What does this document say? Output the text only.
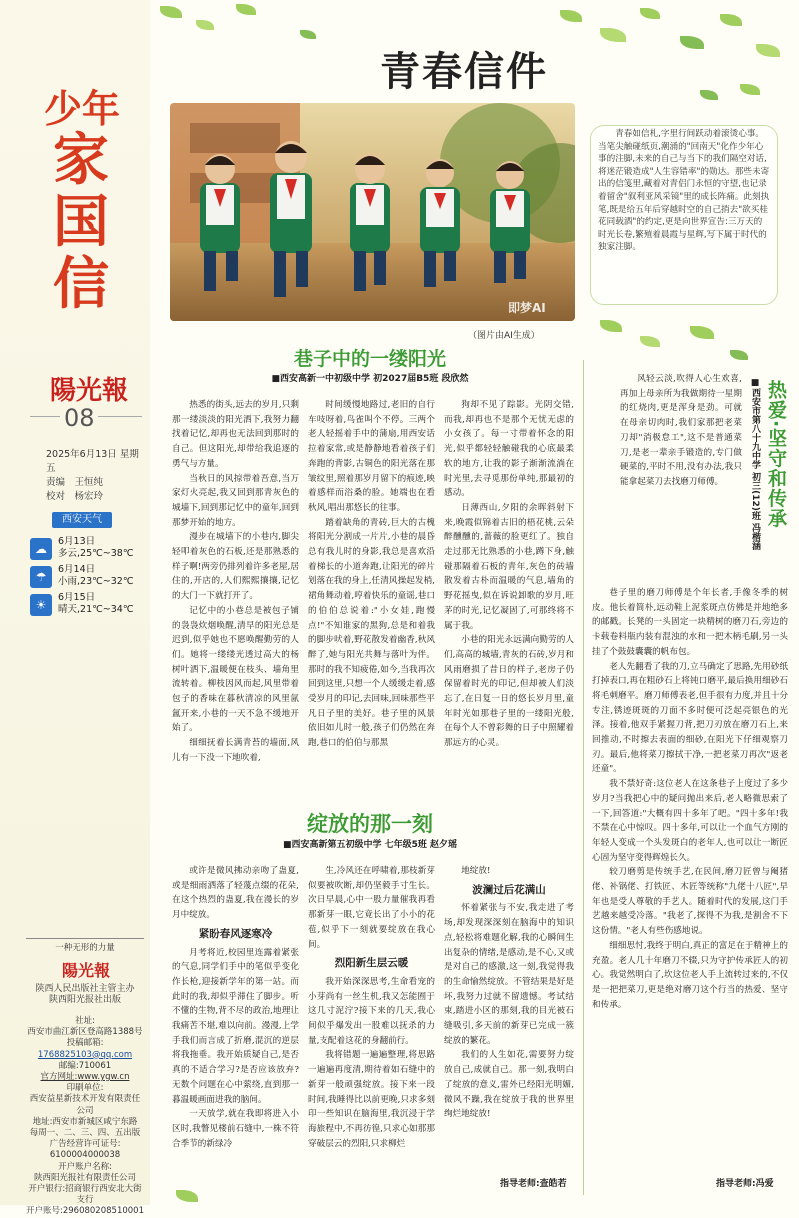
少年
家
国
信
陽光報
08
2025年6月13日 星期五
责编　王恒纯
校对　杨宏玲
西安天气
☁
6月13日
多云,25℃~38℃
☂
6月14日
小雨,23℃~32℃
☀
6月15日
晴天,21℃~34℃
一种无形的力量
陽光報
陕西人民出版社主管主办
陕西阳光报社出版
社址:
西安市曲江新区登高路1388号
投稿邮箱:
1768825103@qq.com
邮编:710061
官方网址:www.ygw.cn
印刷单位:
西安益星新技术开发有限责任公司
地址:西安市新城区咸宁东路
每周一、二、三、四、五出版
广告经营许可证号:
6100004000038
开户账户名称:
陕西阳光报社有限责任公司
开户银行:招商银行西安北大街支行
开户账号:296080208510001
青春信件
即梦AI
（图片由AI生成）
青春如信札,字里行间跃动着滚烫心事。当笔尖触碰纸页,潮涌的"回南天"化作少年心事的注脚,未来的自己与当下的我们隔空对话,将迷茫锻造成"人生容错率"的勋达。那些未寄出的信笺里,藏着对青侣门永恒的守望,也记录着留舍"叙利亚风采镜"里的成长阵痛。此刻执笔,既是给五年后穿越时空的自己捎去"欲买桂花同载酒"的约定,更是向世界宣告:三万天的时光长卷,繁殖着晨霞与星辉,写下属于时代的独家注脚。
巷子中的一缕阳光
■西安高新一中初级中学 初2027届B5班 段欣然

热悉的街头,远去的岁月,只剩那一缕淡淡的阳光洒下,我努力翻找着记忆,却再也无法回到那时的自己。但这阳光,却带给我追逐的勇气与方量。

当秋日的风掠带着吾意,当万家灯火亮起,我又回到那青灰色的城墙下,回到那记忆中的童年,回到那梦开始的地方。

漫步在城墙下的小巷内,脚尖轻叩着灰色的石板,还是那熟悉的样子啊!两旁仍排列着许多老屋,居住的,开店的,人们熙熙攘攘,记忆的大门一下就打开了。

记忆中的小巷总是被包子铺的袅袅炊烟唤醒,清早的阳光总是迟到,似乎她也不愿唤醒勤劳的人们。她将一缕缕光透过高大的杨树叶洒下,温暖便在枝头、墙角里流转着。柳枝因风而起,风里带着包子的香味在暮秋清凉的风里氤氲开来,小巷的一天不急不缓地开始了。

细细抚着长满青苔的墙面,风儿有一下没一下地吹着,

时间缓慢地路过,老旧的自行车吱呀着,鸟雀叫个不停。三两个老人轻摇着手中的蒲扇,用西安话拉着家常,或是静静地看着孩子们奔跑的背影,古铜色的阳光落在那皱纹里,照着那岁月留下的痕迹,映着感样而浴桑的脸。她端也在看秋风,唱出那悠长的往事。

踏着缺角的青砖,巨大的古槐将阳光分割成一片片,小巷的晨昏总有我儿时的身影,我总是喜欢沿着梯长的小道奔跑,让阳光的碎片划落在我的身上,任清风操起发梢,裙角舞动着,哼着快乐的童谣,巷口的伯伯总说着:"小女娃,跑慢点!"不知谁家的黑狗,总是和着我的脚步吠着,野花散发着幽香,秋风醉了,她与阳光共舞与落叶为伴。那时的我不知疲倦,如今,当我再次回到这里,只想一个人缓缓走着,感受岁月的印记,去回味,回味那些平凡日子里的美好。巷子里的风景依旧如儿时一般,孩子们仍然在奔跑,巷口的伯伯与那黑

狗却不见了踪影。光阴交错,而我,却再也不是那个无忧无虑的小女孩了。每一寸带着怀念的阳光,似乎都轻轻触碰我的心底最柔软的地方,让我的影子渐渐流淌在时光里,去寻觅那份单纯,那最初的感动。

日薄西山,夕阳的余晖斜射下来,晚霞似锦着古旧的梧花桃,云朵醉醺醺的,蔷薇的脸更红了。独自走过那无比熟悉的小巷,蹲下身,触碰那隔着石板的青年,灰色的砖墙散发着古朴而温暖的气息,墙角的野花摇曳,似在诉说卸歌的岁月,旺茅的时光,记忆凝固了,可那终将不属于我。

小巷的阳光永远满向勤劳的人们,高高的城墙,青灰的石砖,岁月和风雨磨损了昔日的样子,老房子仍保留着时光的印记,但却被人们淡忘了,在日复一日的悠长岁月里,童年时光如那巷子里的一缕阳光般,在每个人不曾彩舞的日子中照耀着那远方的心灵。

绽放的那一刻
■西安高新第五初级中学 七年级5班 赵夕瑶

或许是微风拂动亲吻了蛊夏,或是细雨洒落了轻蔑点缀的花朵,在这个热烈的蛊夏,我在漫长的岁月中绽放。

紧盼春风逐寒冷

月考将近,校园里连露着紧张的气息,同学们手中的笔似乎变化作长枪,迎接新学年的第一站。而此时的我,却似乎滞住了脚步。听不懂的生物,背不尽的政治,地理让我痛苦不堪,难以向前。漫漫,上学手我们而言成了折磨,混沉的逆层将我拖垂。我开始质疑自己,是否真的不适合学习?是否应该放弃?无数个问题在心中萦绕,直到那一暮温暖画面进我的脑间。

一天放学,就在我即将进入小区时,我瞥见楼前石缝中,一株不符合季节的新绿冷

生,冷风还在呼啸着,那枝新芽似要被吹断,却仍坚毅手寸生长。次日早晨,心中一股力量催我再看那新芽一眼,它竟长出了小小的花苞,似乎下一刻就要绽放在我心间。

烈阳新生层云暖

我开始深深思考,生命看宠的小芽尚有一丝生机,我又怎能囿于这几寸泥泞?接下来的几天,我心间似乎爆发出一股难以抚杀的力量,支配着这花的身翻前行。

我将错题一遍遍整理,将思路一遍遍再度清,期待着如石缝中的新芽一般顽强绽放。接下来一段时间,我睡得比以前更晚,只求多刻印一些知识在脑海里,我沉浸于学海旅程中,不再彷徨,只求心如那那穿破层云的烈阳,只求柳烂

地绽放!

波澜过后花满山

怀着紧张与不安,我走进了考场,却发现深深刻在脑海中的知识点,轻松将难题化解,我的心瞬间生出复杂的情绪,是感动,是不心,又或是对自己的感激,这一刻,我觉得我的生命愉然绽放。不管结果是好是坏,我努力过就不留遗憾。考试结束,踏进小区的那刻,我的目光被石缝吸引,多天前的新芽已完成一簇绽放的繁花。

我们的人生如花,需要努力绽放自己,成就自己。那一刻,我明白了绽放的意义,雷外已经阳光明媚,微风不躁,我在绽放于我的世界里绚烂地绽放!

指导老师:查皓若
热爱·坚守和传承
■西安市第八十九中学 初三(12)班 冯楷涵

风轻云淡,吹得人心生欢喜,再加上母亲所为我做期待一星期的红烧肉,更是浑身是劲。可就在母亲切肉时,我们家那把老菜刀却"消极怠工",这不是普通菜刀,是老一辈亲手锻造的,专门做硬菜的,平时不用,没有办法,我只能拿起菜刀去找磨刀师傅。

巷子里的磨刀师傅是个年长者,手像冬季的树皮。他长着简朴,远动鞋上泥浆斑点仿佛是并地绝多的邮戳。长凳的一头固定一块精树的磨刀石,旁边的卡载卷料瓶内装有混浊的水和一把木柄毛刷,另一头挂了个鼓鼓囊囊的帆布包。

老人先翻看了我的刀,立马确定了思路,先用砂纸打掉表口,再在粗砂石上将钝口磨平,最后换用细砂石将毛刺磨平。磨刀师傅表老,但手很有力度,并且十分专注,锈迹斑斑的刀面不多时便可泛起亮银色的光泽。接着,他双手紧握刀背,把刀刃放在磨刀石上,来回推动,不时擦去表面的细砂,在阳光下仔细观察刀刃。最后,他将菜刀擦拭干净,一把老菜刀再次"返老还童"。

我不禁好奇:这位老人在这条巷子上度过了多少岁月?当我把心中的疑问抛出来后,老人略微思索了一下,回答道:"大概有四十多年了吧。"四十多年!我不禁在心中惊叹。四十多年,可以让一个血气方刚的年轻人变成一个头发斑白的老年人,也可以让一断匠心固为坚守变得辉煌长久。

较刀磨剪是传统手艺,在民间,磨刀匠曾与阉猪佬、补锅佬、打铁匠、木匠等统称"九佬十八匠",早年也是受人尊敬的手艺人。随着时代的发展,这门手艺越来越受冷落。"我老了,探得不为我,是割舍不下这份情。"老人有些伤感地说。

细细思忖,我终于明白,真正的富足在于精神上的充盈。老人几十年磨刀不辍,只为守护传承匠人的初心。我觉然明白了,坎这位老人手上流转过来的,不仅是一把把菜刀,更是绝对磨刀这个行当的热爱、坚守和传承。

指导老师:冯爱
